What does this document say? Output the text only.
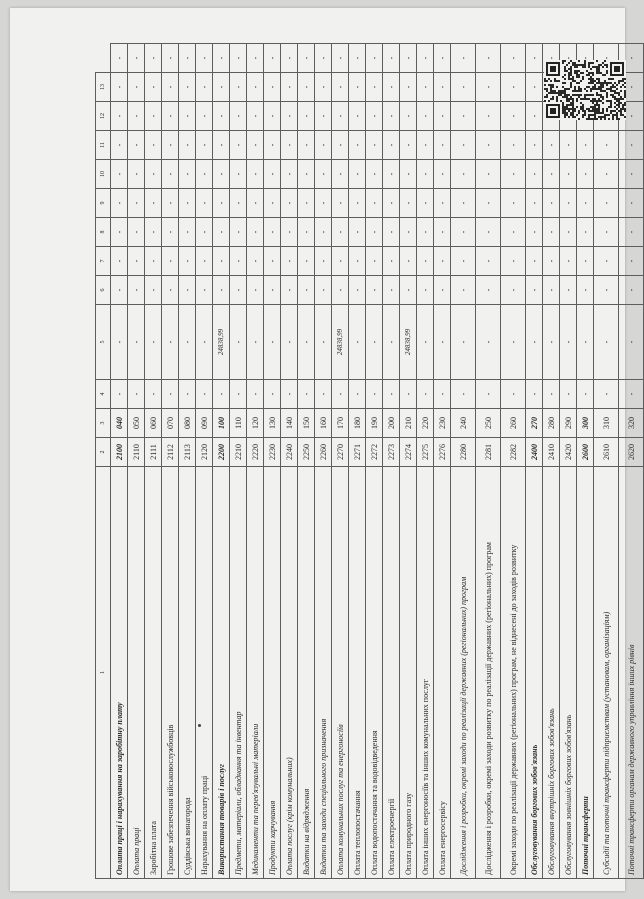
1	2	3	4	5	6	7	8	9	10	11	12	13	
Оплата праці і нарахування на заробітну плату	2100	040	-	-	-	-	-	-	-	-	-	-	-
Оплата праці	2110	050	-	-	-	-	-	-	-	-	-	-	-
Заробітна плата	2111	060	-	-	-	-	-	-	-	-	-	-	-
Грошове забезпечення військовослужбовців	2112	070	-	-	-	-	-	-	-	-	-	-	-
Суддівська винагорода	2113	080	-	-	-	-	-	-	-	-	-	-	-
Нарахування на оплату праці	2120	090	-	-	-	-	-	-	-	-	-	-	-
Використання товарів і послуг	2200	100	-	24838,99	-	-	-	-	-	-	-	-	-
Предмети, матеріали, обладнання та інвентар	2210	110	-	-	-	-	-	-	-	-	-	-	-
Медикаменти та перев'язувальні матеріали	2220	120	-	-	-	-	-	-	-	-	-	-	-
Продукти харчування	2230	130	-	-	-	-	-	-	-	-	-	-	-
Оплата послуг (крім комунальних)	2240	140	-	-	-	-	-	-	-	-	-	-	-
Видатки на відрядження	2250	150	-	-	-	-	-	-	-	-	-	-	-
Видатки та заходи спеціального призначення	2260	160	-	-	-	-	-	-	-	-	-	-	-
Оплата комунальних послуг та енергоносіїв	2270	170	-	24838,99	-	-	-	-	-	-	-	-	-
Оплата теплопостачання	2271	180	-	-	-	-	-	-	-	-	-	-	-
Оплата водопостачання та водовідведення	2272	190	-	-	-	-	-	-	-	-	-	-	-
Оплата електроенергії	2273	200	-	-	-	-	-	-	-	-	-	-	-
Оплата природного газу	2274	210	-	24838,99	-	-	-	-	-	-	-	-	-
Оплата інших енергоносіїв та інших комунальних послуг	2275	220	-	-	-	-	-	-	-	-	-	-	-
Оплата енергосервісу	2276	230	-	-	-	-	-	-	-	-	-	-	-

Дослідження і розробки, окремі заходи по реалізації державних (регіональних) програм	2280	240	-	-	-	-	-	-	-	-	-	-	-

Дослідження і розробки, окремі заходи розвитку по реалізації державних (регіональних) програм	2281	250	-	-	-	-	-	-	-	-	-	-	-

Окремі заходи по реалізації державних (регіональних) програм, не віднесені до заходів розвитку	2282	260	-	-	-	-	-	-	-	-	-	-	-
Обслуговування боргових зобов'язань	2400	270	-	-	-	-	-	-	-	-	-	-	-
Обслуговування внутрішніх боргових зобов'язань	2410	280	-	-	-	-	-	-	-	-			-
Обслуговування зовнішніх боргових зобов'язань	2420	290	-	-	-	-	-	-	-	-			-
Поточні трансферти	2600	300	-	-	-	-	-	-	-	-			-

Субсидії та поточні трансферти підприємствам (установам, організаціям)	2610	310	-	-	-	-	-	-	-	-			-

Поточні трансферти органам державного управління інших рівнів	2620	320	-	-	-	-	-	-	-	-	-	-	-
